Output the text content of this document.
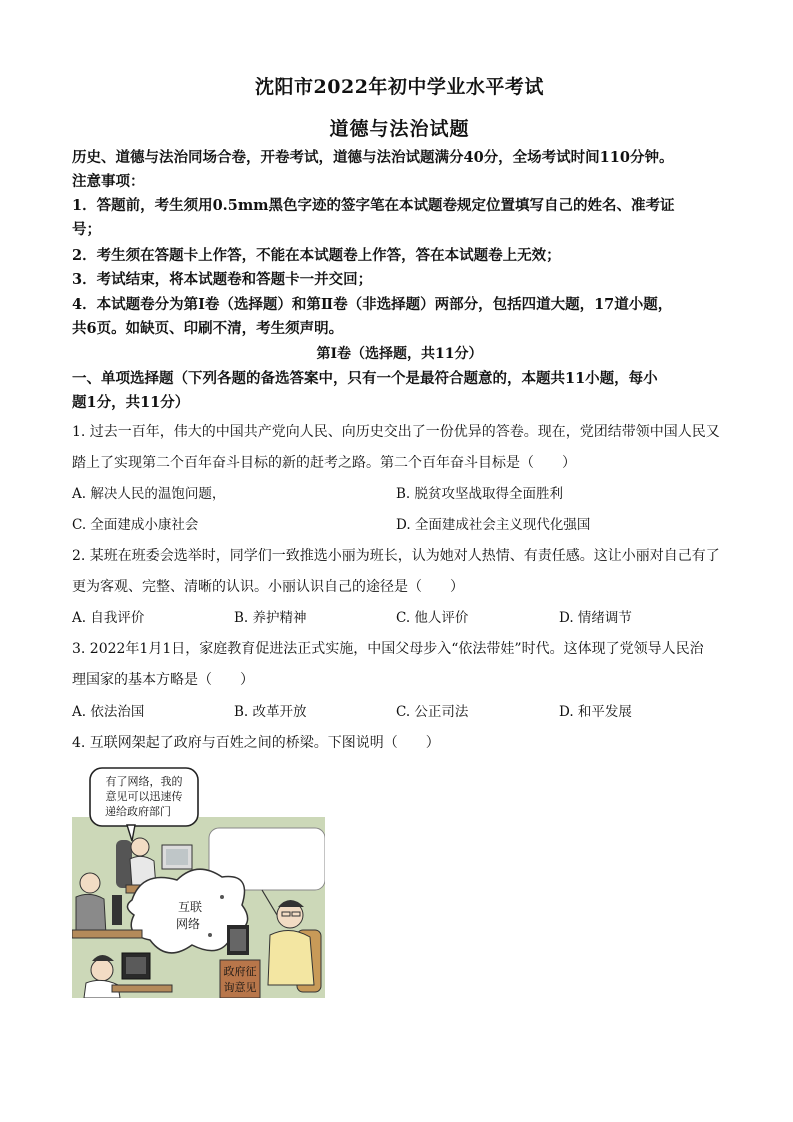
沈阳市2022年初中学业水平考试
道德与法治试题
历史、道德与法治同场合卷，开卷考试，道德与法治试题满分40分，全场考试时间110分钟。
注意事项：
1．答题前，考生须用0.5mm黑色字迹的签字笔在本试题卷规定位置填写自己的姓名、准考证
号；
2．考生须在答题卡上作答，不能在本试题卷上作答，答在本试题卷上无效；
3．考试结束，将本试题卷和答题卡一并交回；
4．本试题卷分为第Ⅰ卷（选择题）和第Ⅱ卷（非选择题）两部分，包括四道大题，17道小题，
共6页。如缺页、印刷不清，考生须声明。
第Ⅰ卷（选择题，共11分）
一、单项选择题（下列各题的备选答案中，只有一个是最符合题意的，本题共11小题，每小
题1分，共11分）
1. 过去一百年，伟大的中国共产党向人民、向历史交出了一份优异的答卷。现在，党团结带领中国人民又
踏上了实现第二个百年奋斗目标的新的赶考之路。第二个百年奋斗目标是（　　）
A. 解决人民的温饱问题，	B. 脱贫攻坚战取得全面胜利
C. 全面建成小康社会	D. 全面建成社会主义现代化强国
2. 某班在班委会选举时，同学们一致推选小丽为班长，认为她对人热情、有责任感。这让小丽对自己有了
更为客观、完整、清晰的认识。小丽认识自己的途径是（　　）
A. 自我评价	B. 养护精神	C. 他人评价	D. 情绪调节
3. 2022年1月1日，家庭教育促进法正式实施，中国父母步入“依法带娃”时代。这体现了党领导人民治
理国家的基本方略是（　　）
A. 依法治国	B. 改革开放	C. 公正司法	D. 和平发展
4. 互联网架起了政府与百姓之间的桥梁。下图说明（　　）
有了网络，我的
意见可以迅速传
递给政府部门
互联
网络
政府征
询意见
